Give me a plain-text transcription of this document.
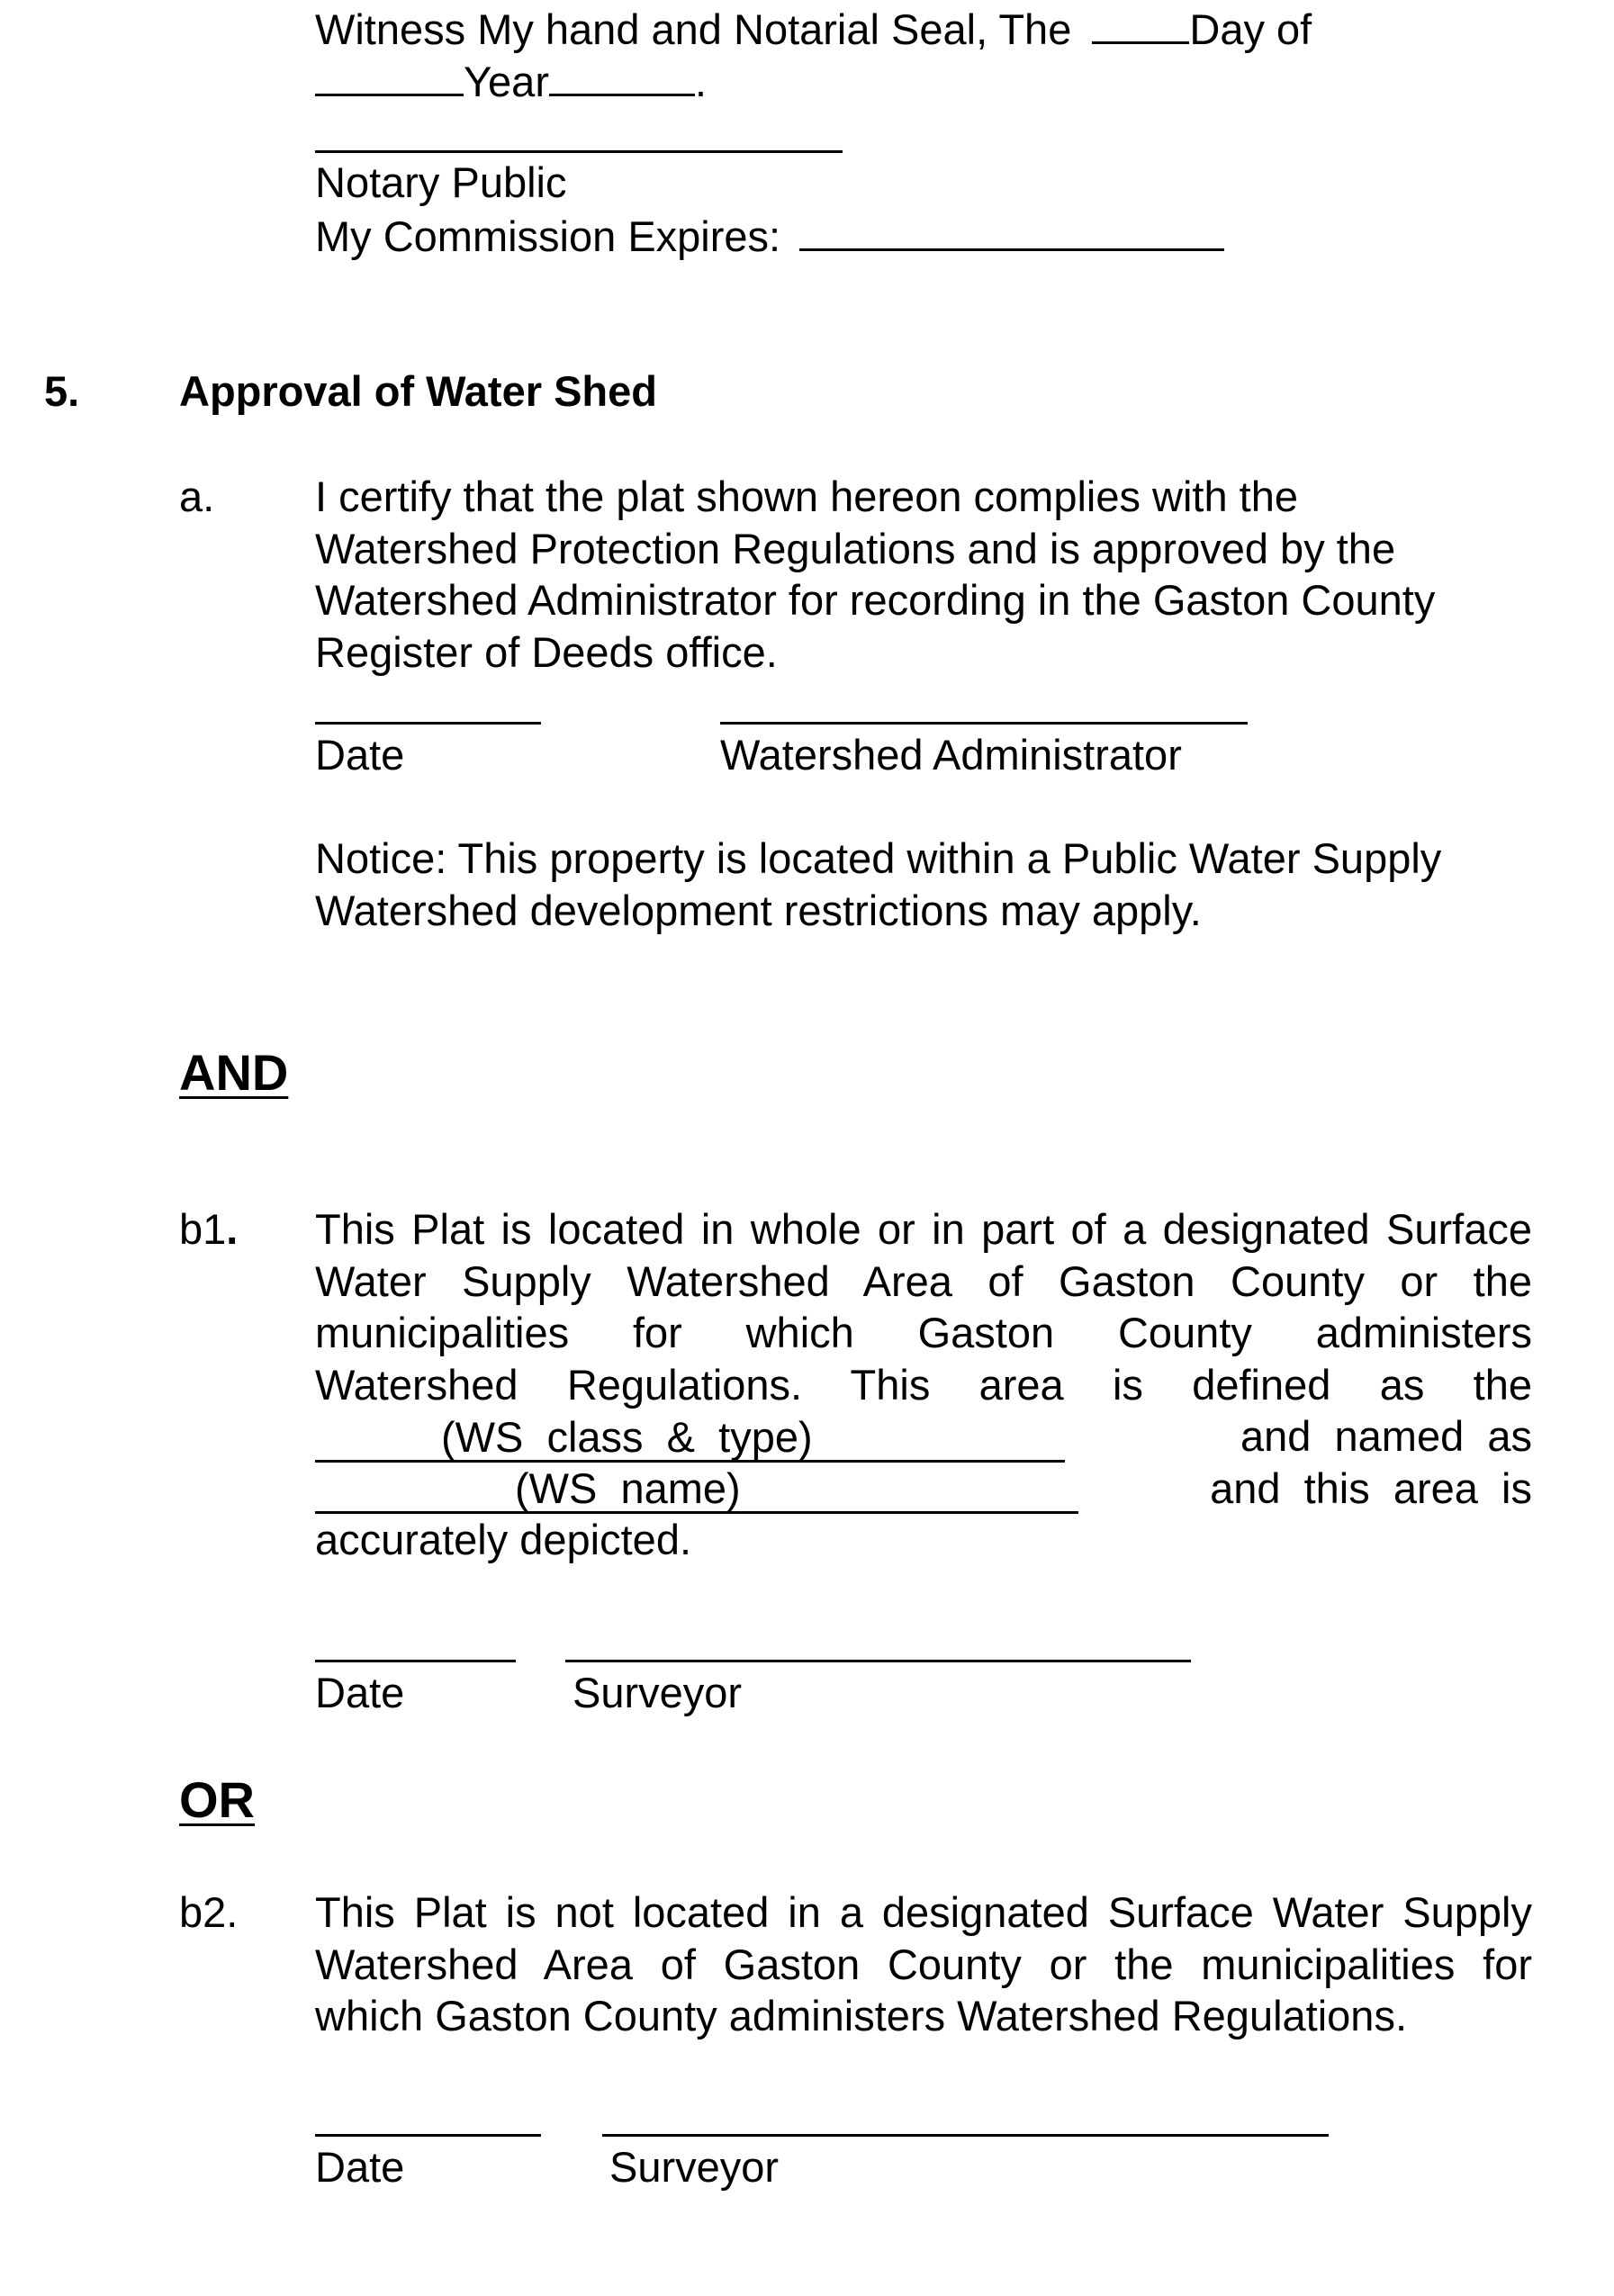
Witness My hand and Notarial Seal, The	Day of
Year	.
Notary Public
My Commission Expires:
5. Approval of Water Shed
a. I certify that the plat shown hereon complies with the
Watershed Protection Regulations and is approved by the
Watershed Administrator for recording in the Gaston County
Register of Deeds office.
Date	Watershed Administrator
Notice: This property is located within a Public Water Supply
Watershed development restrictions may apply.
AND
b1. This Plat is located in whole or in part of a designated Surface
Water Supply Watershed Area of Gaston County or the
municipalities for which Gaston County administers
Watershed Regulations. This area is defined as the
(WS  class  &  type)	and  named  as
(WS  name)	and  this  area  is
accurately depicted.
Date	Surveyor
OR
b2. This Plat is not located in a designated Surface Water Supply
Watershed Area of Gaston County or the municipalities for
which Gaston County administers Watershed Regulations.
Date	Surveyor
